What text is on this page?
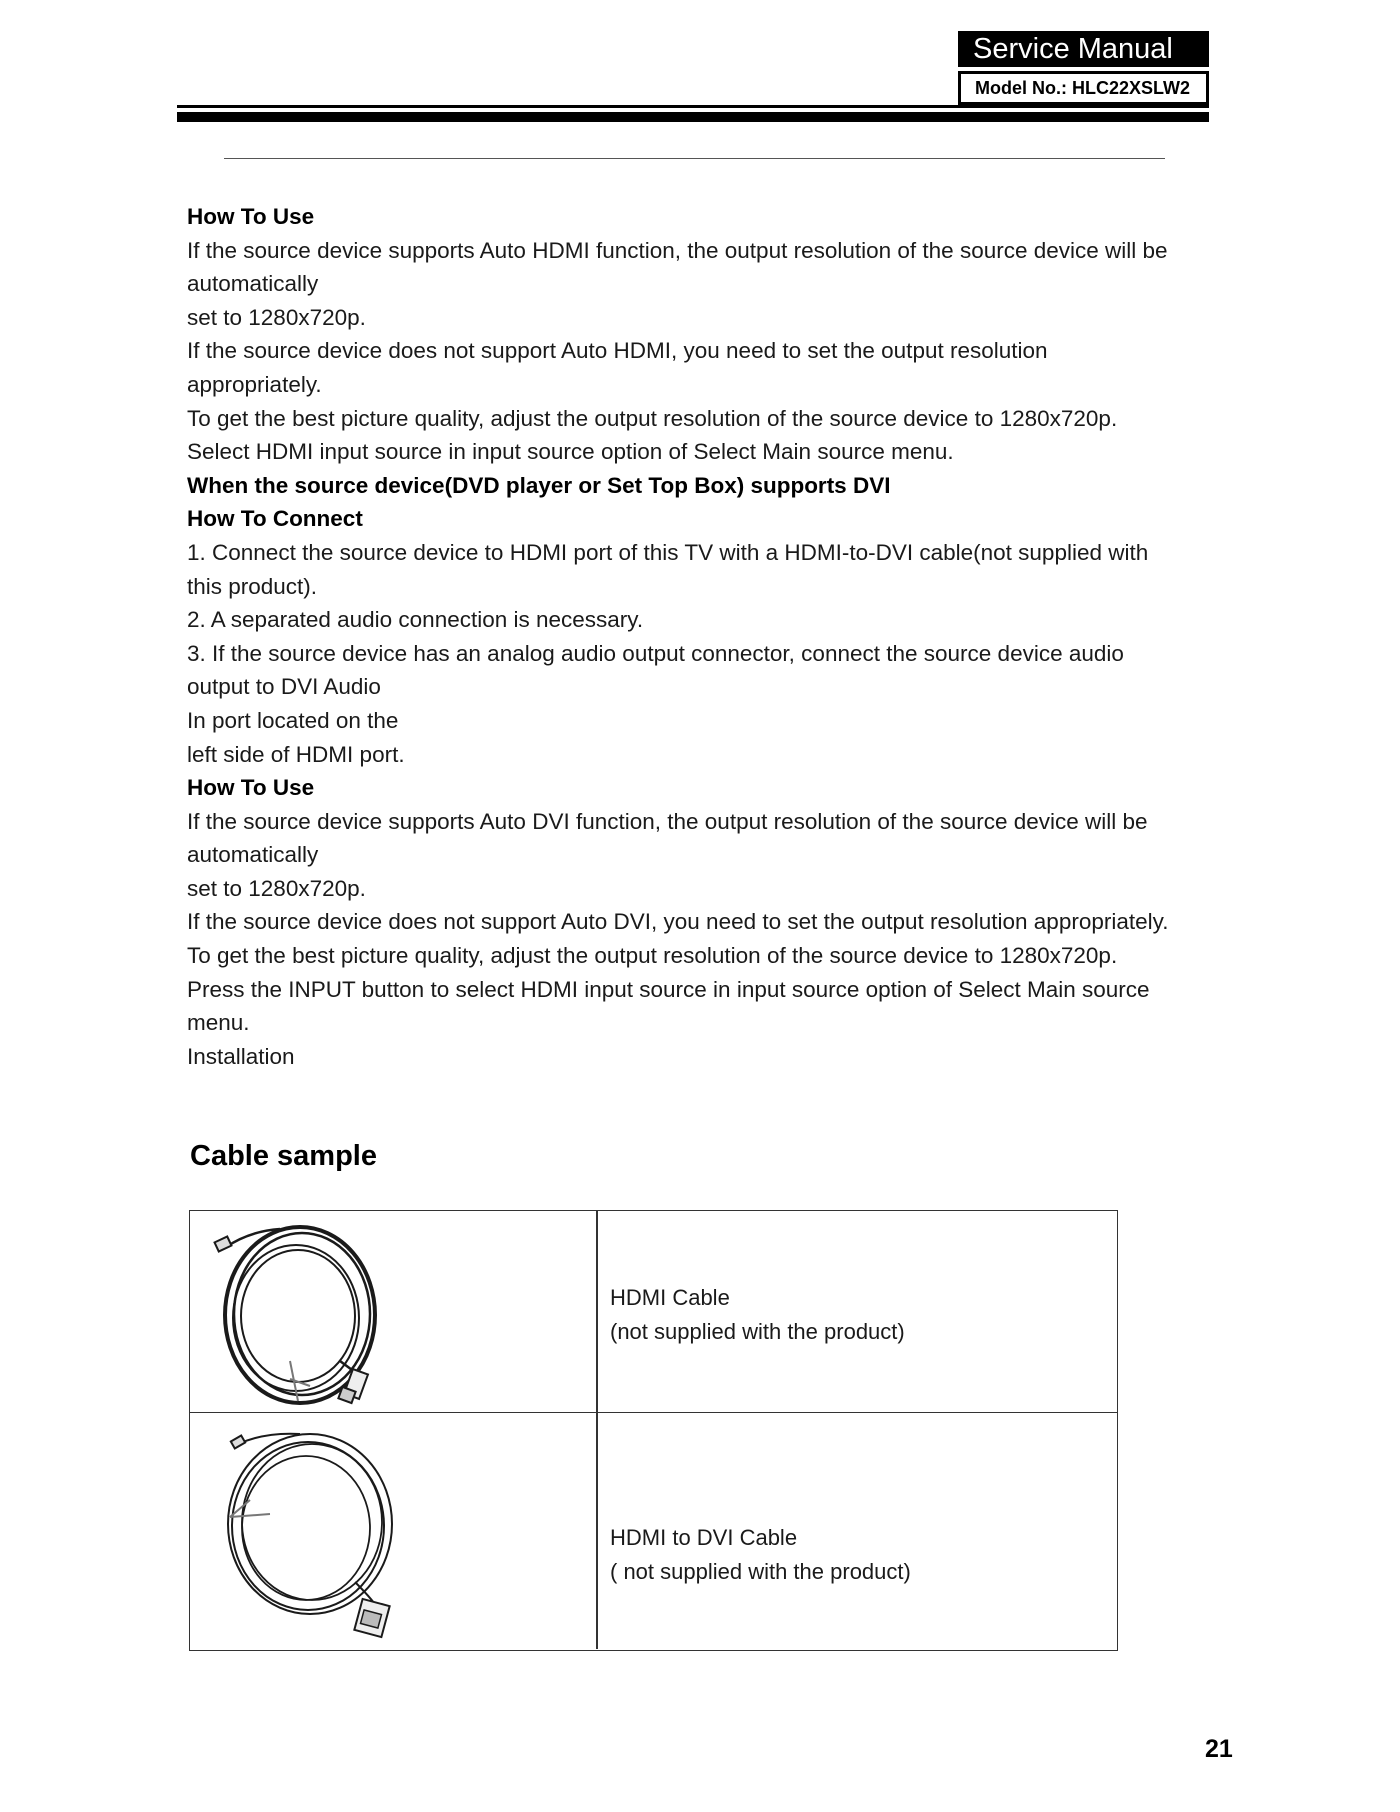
Service Manual
Model No.: HLC22XSLW2
How To Use
If the source device supports Auto HDMI function, the output resolution of the source device will be
automatically
set to 1280x720p.
If the source device does not support Auto HDMI, you need to set the output resolution
appropriately.
To get the best picture quality, adjust the output resolution of the source device to 1280x720p.
Select HDMI input source in input source option of Select Main source menu.
When the source device(DVD player or Set Top Box) supports DVI
How To Connect
1. Connect the source device to HDMI port of this TV with a HDMI-to-DVI cable(not supplied with
this product).
2. A separated audio connection is necessary.
3. If the source device has an analog audio output connector, connect the source device audio
output to DVI Audio
In port located on the
left side of HDMI port.
How To Use
If the source device supports Auto DVI function, the output resolution of the source device will be
automatically
set to 1280x720p.
If the source device does not support Auto DVI, you need to set the output resolution appropriately.
To get the best picture quality, adjust the output resolution of the source device to 1280x720p.
Press the INPUT button to select HDMI input source in input source option of Select Main source
menu.
Installation
Cable sample
HDMI Cable
(not supplied with the product)
HDMI to DVI Cable
( not supplied with the product)
21
